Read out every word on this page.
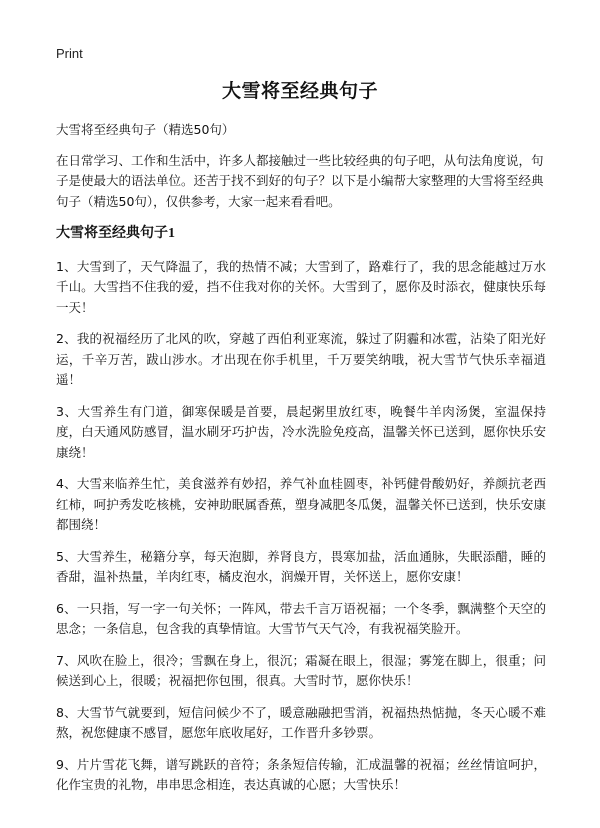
Print
大雪将至经典句子

大雪将至经典句子（精选50句）

在日常学习、工作和生活中，许多人都接触过一些比较经典的句子吧，从句法角度说，句子是使最大的语法单位。还苦于找不到好的句子？以下是小编帮大家整理的大雪将至经典句子（精选50句），仅供参考，大家一起来看看吧。

大雪将至经典句子1

1、大雪到了，天气降温了，我的热情不减；大雪到了，路难行了，我的思念能越过万水千山。大雪挡不住我的爱，挡不住我对你的关怀。大雪到了，愿你及时添衣，健康快乐每一天！

2、我的祝福经历了北风的吹，穿越了西伯利亚寒流，躲过了阴霾和冰雹，沾染了阳光好运，千辛万苦，跋山涉水。才出现在你手机里，千万要笑纳哦，祝大雪节气快乐幸福逍遥！

3、大雪养生有门道，御寒保暖是首要，晨起粥里放红枣，晚餐牛羊肉汤煲，室温保持度，白天通风防感冒，温水刷牙巧护齿，冷水洗脸免疫高，温馨关怀已送到，愿你快乐安康绕！

4、大雪来临养生忙，美食滋养有妙招，养气补血桂圆枣，补钙健骨酸奶好，养颜抗老西红柿，呵护秀发吃核桃，安神助眠属香蕉，塑身减肥冬瓜煲，温馨关怀已送到，快乐安康都围绕！

5、大雪养生，秘籍分享，每天泡脚，养肾良方，畏寒加盐，活血通脉，失眠添醋，睡的香甜，温补热量，羊肉红枣，橘皮泡水，润燥开胃，关怀送上，愿你安康！

6、一只指，写一字一句关怀；一阵风，带去千言万语祝福；一个冬季，飘满整个天空的思念；一条信息，包含我的真挚情谊。大雪节气天气冷，有我祝福笑脸开。

7、风吹在脸上，很冷；雪飘在身上，很沉；霜凝在眼上，很湿；雾笼在脚上，很重；问候送到心上，很暖；祝福把你包围，很真。大雪时节，愿你快乐！

8、大雪节气就要到，短信问候少不了，暖意融融把雪消，祝福热热惦抛，冬天心暖不难熬，祝您健康不感冒，愿您年底收尾好，工作晋升多钞票。

9、片片雪花飞舞，谱写跳跃的音符；条条短信传输，汇成温馨的祝福；丝丝情谊呵护，化作宝贵的礼物，串串思念相连，表达真诚的心愿；大雪快乐！
